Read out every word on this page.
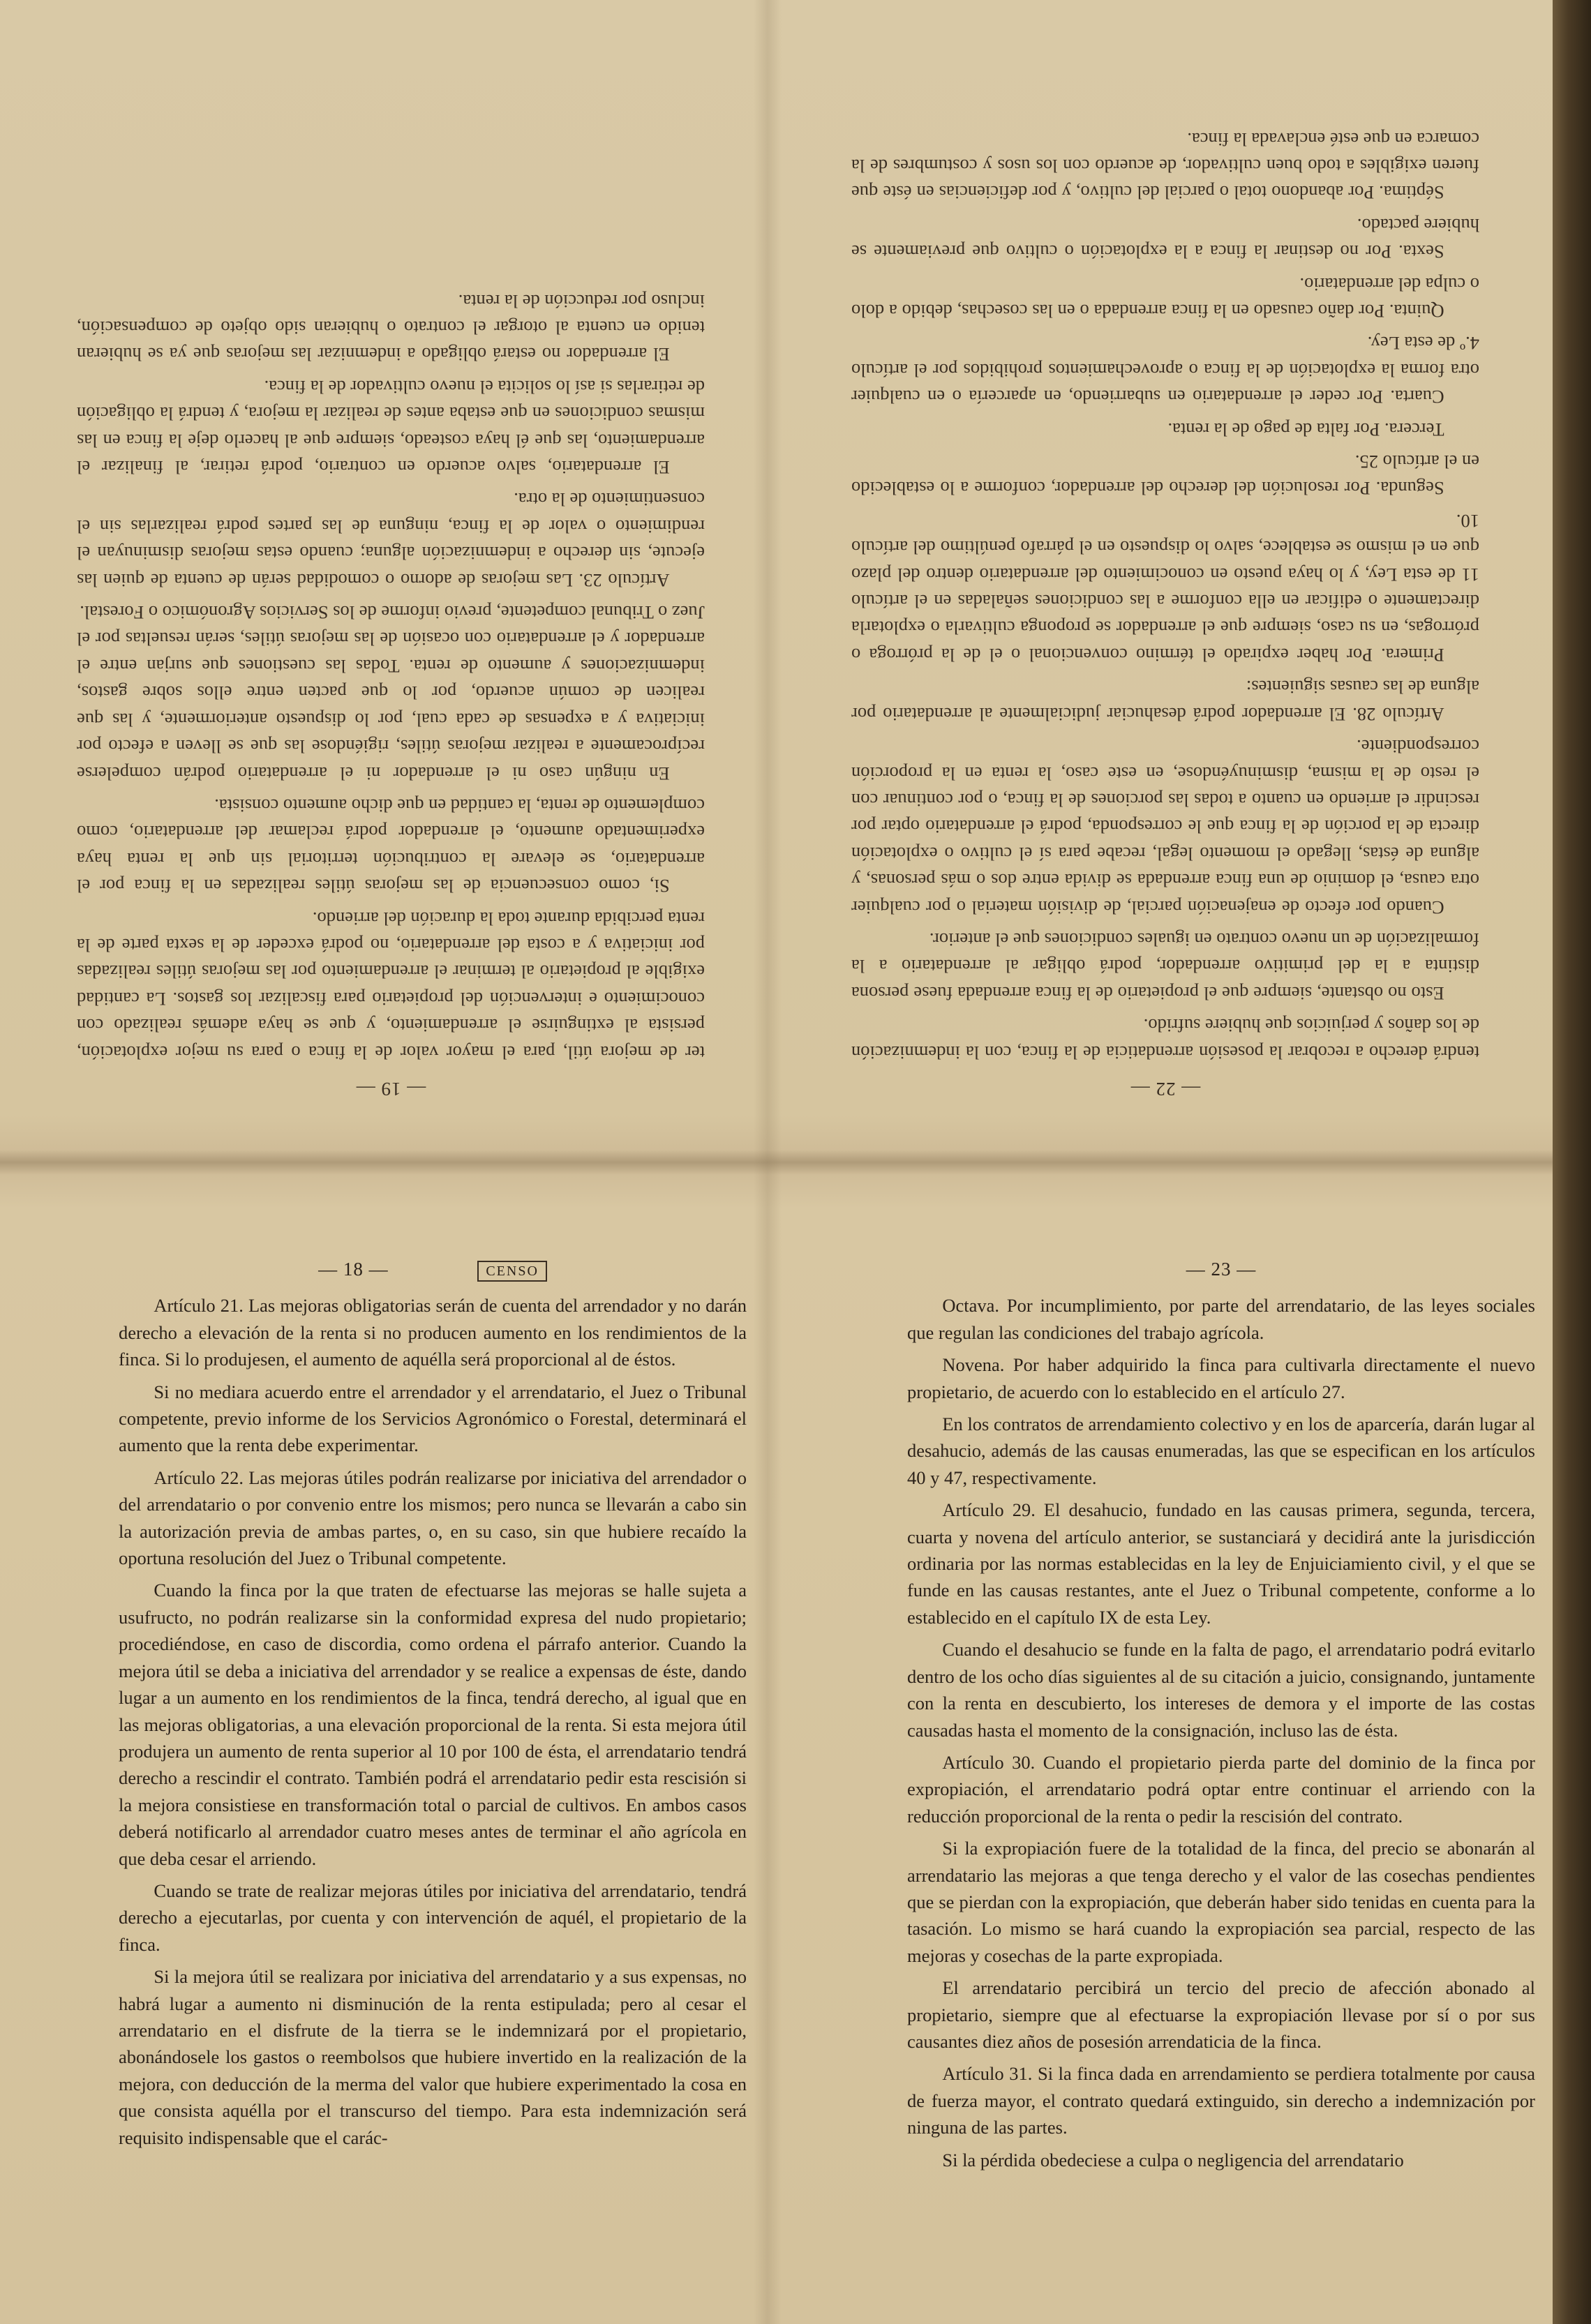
— 22 —

tendrá derecho a recobrar la posesión arrendaticia de la finca, con la indemnización de los daños y perjuicios que hubiere sufrido.

Esto no obstante, siempre que el propietario de la finca arrendada fuese persona distinta a la del primitivo arrendador, podrá obligar al arrendatario a la formalización de un nuevo contrato en iguales condiciones que el anterior.

Cuando por efecto de enajenación parcial, de división material o por cualquier otra causa, el dominio de una finca arrendada se divida entre dos o más personas, y alguna de éstas, llegado el momento legal, recabe para sí el cultivo o explotación directa de la porción de la finca que le corresponda, podrá el arrendatario optar por rescindir el arriendo en cuanto a todas las porciones de la finca, o por continuar con el resto de la misma, disminuyéndose, en este caso, la renta en la proporción correspondiente.

Artículo 28. El arrendador podrá desahuciar judicialmente al arrendatario por alguna de las causas siguientes:

Primera. Por haber expirado el término convencional o el de la prórroga o prórrogas, en su caso, siempre que el arrendador se proponga cultivarla o explotarla directamente o edificar en ella conforme a las condiciones señaladas en el artículo 11 de esta Ley, y lo haya puesto en conocimiento del arrendatario dentro del plazo que en el mismo se establece, salvo lo dispuesto en el párrafo penúltimo del artículo 10.

Segunda. Por resolución del derecho del arrendador, conforme a lo establecido en el artículo 25.

Tercera. Por falta de pago de la renta.

Cuarta. Por ceder el arrendatario en subarriendo, en aparcería o en cualquier otra forma la explotación de la finca o aprovechamientos prohibidos por el artículo 4.º de esta Ley.

Quinta. Por daño causado en la finca arrendada o en las cosechas, debido a dolo o culpa del arrendatario.

Sexta. Por no destinar la finca a la explotación o cultivo que previamente se hubiere pactado.

Séptima. Por abandono total o parcial del cultivo, y por deficiencias en éste que fueren exigibles a todo buen cultivador, de acuerdo con los usos y costumbres de la comarca en que esté enclavada la finca.

— 19 —

ter de mejora útil, para el mayor valor de la finca o para su mejor explotación, persista al extinguirse el arrendamiento, y que se haya además realizado con conocimiento e intervención del propietario para fiscalizar los gastos. La cantidad exigible al propietario al terminar el arrendamiento por las mejoras útiles realizadas por iniciativa y a costa del arrendatario, no podrá exceder de la sexta parte de la renta percibida durante toda la duración del arriendo.

Si, como consecuencia de las mejoras útiles realizadas en la finca por el arrendatario, se elevare la contribución territorial sin que la renta haya experimentado aumento, el arrendador podrá reclamar del arrendatario, como complemento de renta, la cantidad en que dicho aumento consista.

En ningún caso ni el arrendador ni el arrendatario podrán compelerse recíprocamente a realizar mejoras útiles, rigiéndose las que se lleven a efecto por iniciativa y a expensas de cada cual, por lo dispuesto anteriormente, y las que realicen de común acuerdo, por lo que pacten entre ellos sobre gastos, indemnizaciones y aumento de renta. Todas las cuestiones que surjan entre el arrendador y el arrendatario con ocasión de las mejoras útiles, serán resueltas por el Juez o Tribunal competente, previo informe de los Servicios Agronómico o Forestal.

Artículo 23. Las mejoras de adorno o comodidad serán de cuenta de quien las ejecute, sin derecho a indemnización alguna; cuando estas mejoras disminuyan el rendimiento o valor de la finca, ninguna de las partes podrá realizarlas sin el consentimiento de la otra.

El arrendatario, salvo acuerdo en contrario, podrá retirar, al finalizar el arrendamiento, las que él haya costeado, siempre que al hacerlo deje la finca en las mismas condiciones en que estaba antes de realizar la mejora, y tendrá la obligación de retirarlas si así lo solicita el nuevo cultivador de la finca.

El arrendador no estará obligado a indemnizar las mejoras que ya se hubieran tenido en cuenta al otorgar el contrato o hubieran sido objeto de compensación, incluso por reducción de la renta.

— 18 —	CENSO

Artículo 21. Las mejoras obligatorias serán de cuenta del arrendador y no darán derecho a elevación de la renta si no producen aumento en los rendimientos de la finca. Si lo produjesen, el aumento de aquélla será proporcional al de éstos.

Si no mediara acuerdo entre el arrendador y el arrendatario, el Juez o Tribunal competente, previo informe de los Servicios Agronómico o Forestal, determinará el aumento que la renta debe experimentar.

Artículo 22. Las mejoras útiles podrán realizarse por iniciativa del arrendador o del arrendatario o por convenio entre los mismos; pero nunca se llevarán a cabo sin la autorización previa de ambas partes, o, en su caso, sin que hubiere recaído la oportuna resolución del Juez o Tribunal competente.

Cuando la finca por la que traten de efectuarse las mejoras se halle sujeta a usufructo, no podrán realizarse sin la conformidad expresa del nudo propietario; procediéndose, en caso de discordia, como ordena el párrafo anterior. Cuando la mejora útil se deba a iniciativa del arrendador y se realice a expensas de éste, dando lugar a un aumento en los rendimientos de la finca, tendrá derecho, al igual que en las mejoras obligatorias, a una elevación proporcional de la renta. Si esta mejora útil produjera un aumento de renta superior al 10 por 100 de ésta, el arrendatario tendrá derecho a rescindir el contrato. También podrá el arrendatario pedir esta rescisión si la mejora consistiese en transformación total o parcial de cultivos. En ambos casos deberá notificarlo al arrendador cuatro meses antes de terminar el año agrícola en que deba cesar el arriendo.

Cuando se trate de realizar mejoras útiles por iniciativa del arrendatario, tendrá derecho a ejecutarlas, por cuenta y con intervención de aquél, el propietario de la finca.

Si la mejora útil se realizara por iniciativa del arrendatario y a sus expensas, no habrá lugar a aumento ni disminución de la renta estipulada; pero al cesar el arrendatario en el disfrute de la tierra se le indemnizará por el propietario, abonándosele los gastos o reembolsos que hubiere invertido en la realización de la mejora, con deducción de la merma del valor que hubiere experimentado la cosa en que consista aquélla por el transcurso del tiempo. Para esta indemnización será requisito indispensable que el carác-

— 23 —

Octava. Por incumplimiento, por parte del arrendatario, de las leyes sociales que regulan las condiciones del trabajo agrícola.

Novena. Por haber adquirido la finca para cultivarla directamente el nuevo propietario, de acuerdo con lo establecido en el artículo 27.

En los contratos de arrendamiento colectivo y en los de aparcería, darán lugar al desahucio, además de las causas enumeradas, las que se especifican en los artículos 40 y 47, respectivamente.

Artículo 29. El desahucio, fundado en las causas primera, segunda, tercera, cuarta y novena del artículo anterior, se sustanciará y decidirá ante la jurisdicción ordinaria por las normas establecidas en la ley de Enjuiciamiento civil, y el que se funde en las causas restantes, ante el Juez o Tribunal competente, conforme a lo establecido en el capítulo IX de esta Ley.

Cuando el desahucio se funde en la falta de pago, el arrendatario podrá evitarlo dentro de los ocho días siguientes al de su citación a juicio, consignando, juntamente con la renta en descubierto, los intereses de demora y el importe de las costas causadas hasta el momento de la consignación, incluso las de ésta.

Artículo 30. Cuando el propietario pierda parte del dominio de la finca por expropiación, el arrendatario podrá optar entre continuar el arriendo con la reducción proporcional de la renta o pedir la rescisión del contrato.

Si la expropiación fuere de la totalidad de la finca, del precio se abonarán al arrendatario las mejoras a que tenga derecho y el valor de las cosechas pendientes que se pierdan con la expropiación, que deberán haber sido tenidas en cuenta para la tasación. Lo mismo se hará cuando la expropiación sea parcial, respecto de las mejoras y cosechas de la parte expropiada.

El arrendatario percibirá un tercio del precio de afección abonado al propietario, siempre que al efectuarse la expropiación llevase por sí o por sus causantes diez años de posesión arrendaticia de la finca.

Artículo 31. Si la finca dada en arrendamiento se perdiera totalmente por causa de fuerza mayor, el contrato quedará extinguido, sin derecho a indemnización por ninguna de las partes.

Si la pérdida obedeciese a culpa o negligencia del arrendatario
